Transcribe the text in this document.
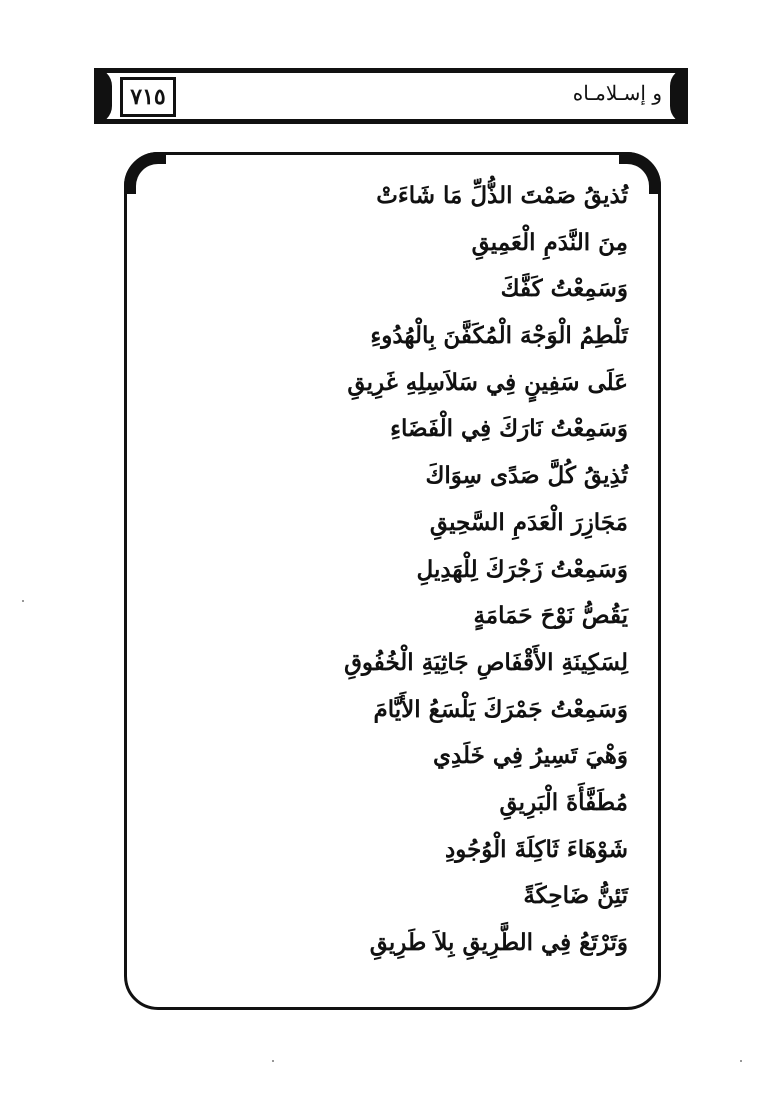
٧١٥	و إسـلامـاه
تُذيقُ صَمْتَ الذُّلِّ مَا شَاءَتْ
مِنَ النَّدَمِ الْعَمِيقِ
وَسَمِعْتُ كَفَّكَ
تَلْطِمُ الْوَجْهَ الْمُكَفَّنَ بِالْهُدُوءِ
عَلَى سَفِينٍ فِي سَلاَسِلِهِ غَرِيقِ
وَسَمِعْتُ نَارَكَ فِي الْفَضَاءِ
تُذِيقُ كُلَّ صَدًى سِوَاكَ
مَجَازِرَ الْعَدَمِ السَّحِيقِ
وَسَمِعْتُ زَجْرَكَ لِلْهَدِيلِ
يَقُصُّ نَوْحَ حَمَامَةٍ
لِسَكِينَةِ الأَقْفَاصِ جَاثِيَةِ الْخُفُوقِ
وَسَمِعْتُ جَمْرَكَ يَلْسَعُ الأَيَّامَ
وَهْيَ تَسِيرُ فِي خَلَدِي
مُطَفَّأَةَ الْبَرِيقِ
شَوْهَاءَ ثَاكِلَةَ الْوُجُودِ
تَئِنُّ ضَاحِكَةً
وَتَرْتَعُ فِي الطَّرِيقِ بِلاَ طَرِيقِ
